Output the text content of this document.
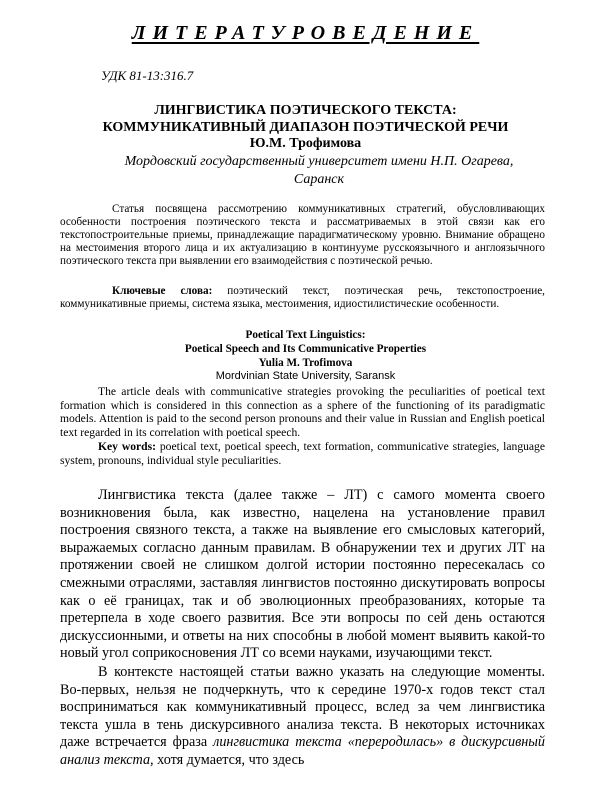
ЛИТЕРАТУРОВЕДЕНИЕ
УДК 81-13:316.7
ЛИНГВИСТИКА ПОЭТИЧЕСКОГО ТЕКСТА:
КОММУНИКАТИВНЫЙ ДИАПАЗОН ПОЭТИЧЕСКОЙ РЕЧИ
Ю.М. Трофимова
Мордовский государственный университет имени Н.П. Огарева, Саранск

Статья посвящена рассмотрению коммуникативных стратегий, обусловливающих особенности построения поэтического текста и рассматриваемых в этой связи как его текстопостроительные приемы, принадлежащие парадигматическому уровню. Внимание обращено на местоимения второго лица и их актуализацию в континууме русскоязычного и англоязычного поэтического текста при выявлении его взаимодействия с поэтической речью.

Ключевые слова: поэтический текст, поэтическая речь, текстопостроение, коммуникативные приемы, система языка, местоимения, идиостилистические особенности.

Poetical Text Linguistics:
Poetical Speech and Its Communicative Properties
Yulia M. Trofimova
Mordvinian State University, Saransk

The article deals with communicative strategies provoking the peculiarities of poetical text formation which is considered in this connection as a sphere of the functioning of its paradigmatic models. Attention is paid to the second person pronouns and their value in Russian and English poetical text regarded in its correlation with poetical speech.

Key words: poetical text, poetical speech, text formation, communicative strategies, language system, pronouns, individual style peculiarities.

Лингвистика текста (далее также – ЛТ) с самого момента своего возникновения была, как известно, нацелена на установление правил построения связного текста, а также на выявление его смысловых категорий, выражаемых согласно данным правилам. В обнаружении тех и других ЛТ на протяжении своей не слишком долгой истории постоянно пересекалась со смежными отраслями, заставляя лингвистов постоянно дискутировать вопросы как о её границах, так и об эволюционных преобразованиях, которые та претерпела в ходе своего развития. Все эти вопросы по сей день остаются дискуссионными, и ответы на них способны в любой момент выявить какой-то новый угол соприкосновения ЛТ со всеми науками, изучающими текст.

В контексте настоящей статьи важно указать на следующие моменты. Во-первых, нельзя не подчеркнуть, что к середине 1970-х годов текст стал восприниматься как коммуникативный процесс, вслед за чем лингвистика текста ушла в тень дискурсивного анализа текста. В некоторых источниках даже встречается фраза лингвистика текста «переродилась» в дискурсивный анализ текста, хотя думается, что здесь
